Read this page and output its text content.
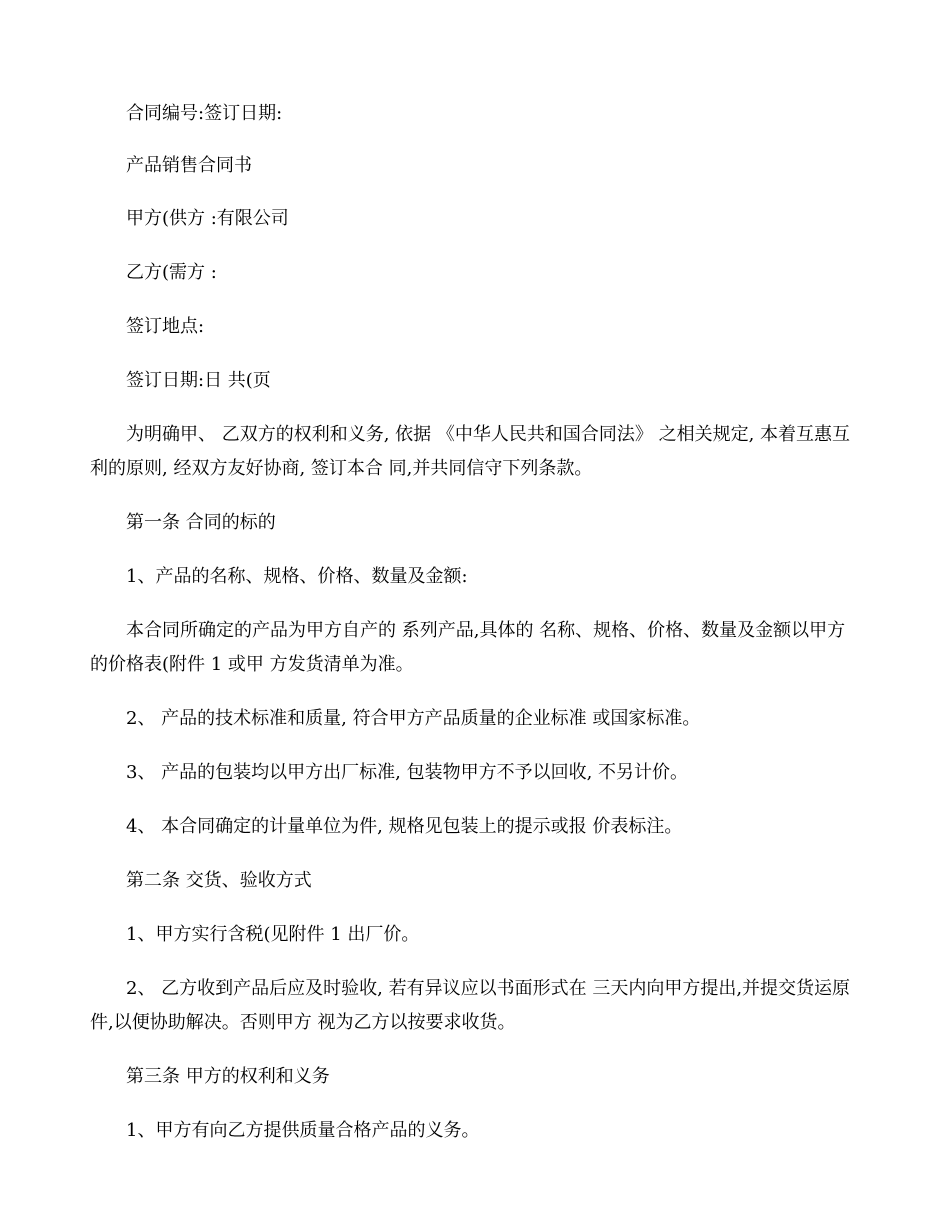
合同编号:签订日期:

产品销售合同书

甲方(供方 :有限公司

乙方(需方 :

签订地点:

签订日期:日 共(页

为明确甲、 乙双方的权利和义务, 依据 《中华人民共和国合同法》 之相关规定, 本着互惠互利的原则, 经双方友好协商, 签订本合 同,并共同信守下列条款。

第一条 合同的标的

1、产品的名称、规格、价格、数量及金额:

本合同所确定的产品为甲方自产的 系列产品,具体的 名称、规格、价格、数量及金额以甲方的价格表(附件 1 或甲 方发货清单为准。

2、 产品的技术标准和质量, 符合甲方产品质量的企业标准 或国家标准。

3、 产品的包装均以甲方出厂标准, 包装物甲方不予以回收, 不另计价。

4、 本合同确定的计量单位为件, 规格见包装上的提示或报 价表标注。

第二条 交货、验收方式

1、甲方实行含税(见附件 1 出厂价。

2、 乙方收到产品后应及时验收, 若有异议应以书面形式在 三天内向甲方提出,并提交货运原件,以便协助解决。否则甲方 视为乙方以按要求收货。

第三条 甲方的权利和义务

1、甲方有向乙方提供质量合格产品的义务。
